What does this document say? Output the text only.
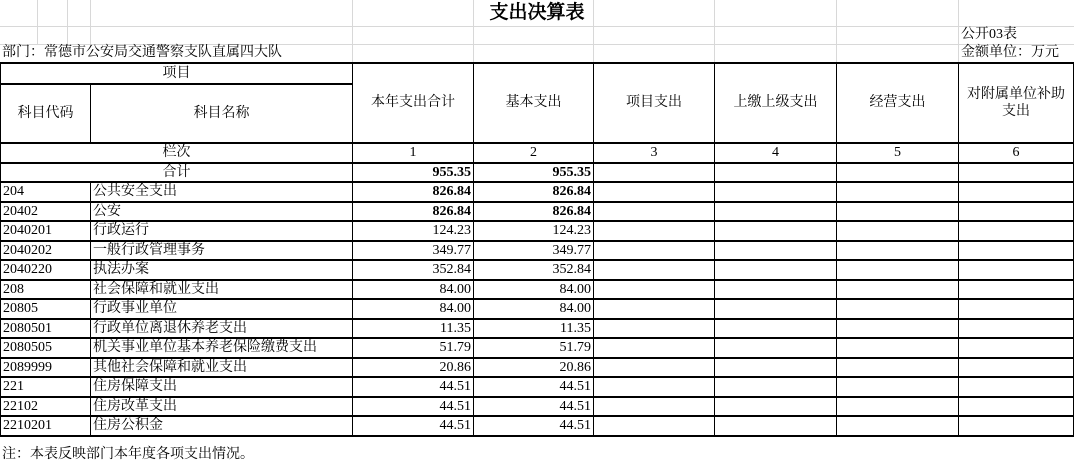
支出决算表
公开03表
部门：常德市公安局交通警察支队直属四大队	金额单位：万元
项目		本年支出合计	基本支出	项目支出	上缴上级支出	经营支出	对附属单位补助支出
科目代码	科目名称						
栏次		1	2	3	4	5	6
合计		955.35	955.35				
204	公共安全支出	826.84	826.84				
20402	公安	826.84	826.84				
2040201	行政运行	124.23	124.23				
2040202	一般行政管理事务	349.77	349.77				
2040220	执法办案	352.84	352.84				
208	社会保障和就业支出	84.00	84.00				
20805	行政事业单位	84.00	84.00				
2080501	行政单位离退休养老支出	11.35	11.35				
2080505	机关事业单位基本养老保险缴费支出	51.79	51.79				
2089999	其他社会保障和就业支出	20.86	20.86				
221	住房保障支出	44.51	44.51				
22102	住房改革支出	44.51	44.51				
2210201	住房公积金	44.51	44.51				
注：本表反映部门本年度各项支出情况。
